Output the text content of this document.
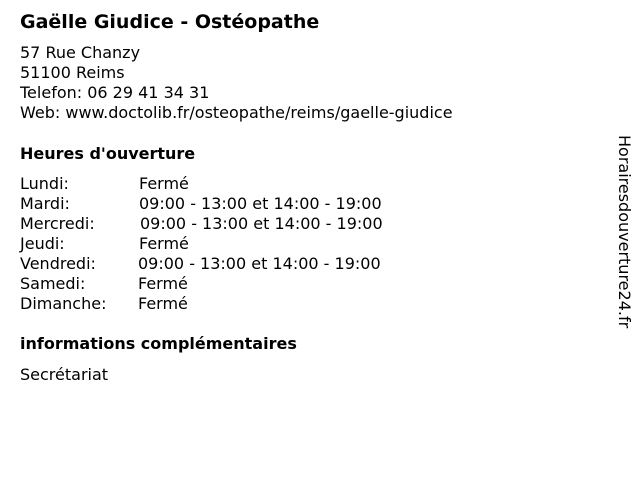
Gaëlle Giudice - Ostéopathe
57 Rue Chanzy
51100 Reims
Telefon: 06 29 41 34 31
Web: www.doctolib.fr/osteopathe/reims/gaelle-giudice
Heures d'ouverture
Lundi:	Fermé
Mardi:	09:00 - 13:00 et 14:00 - 19:00
Mercredi:	09:00 - 13:00 et 14:00 - 19:00
Jeudi:	Fermé
Vendredi:	09:00 - 13:00 et 14:00 - 19:00
Samedi:	Fermé
Dimanche: Fermé
informations complémentaires
Secrétariat
Horairesdouverture24.fr
